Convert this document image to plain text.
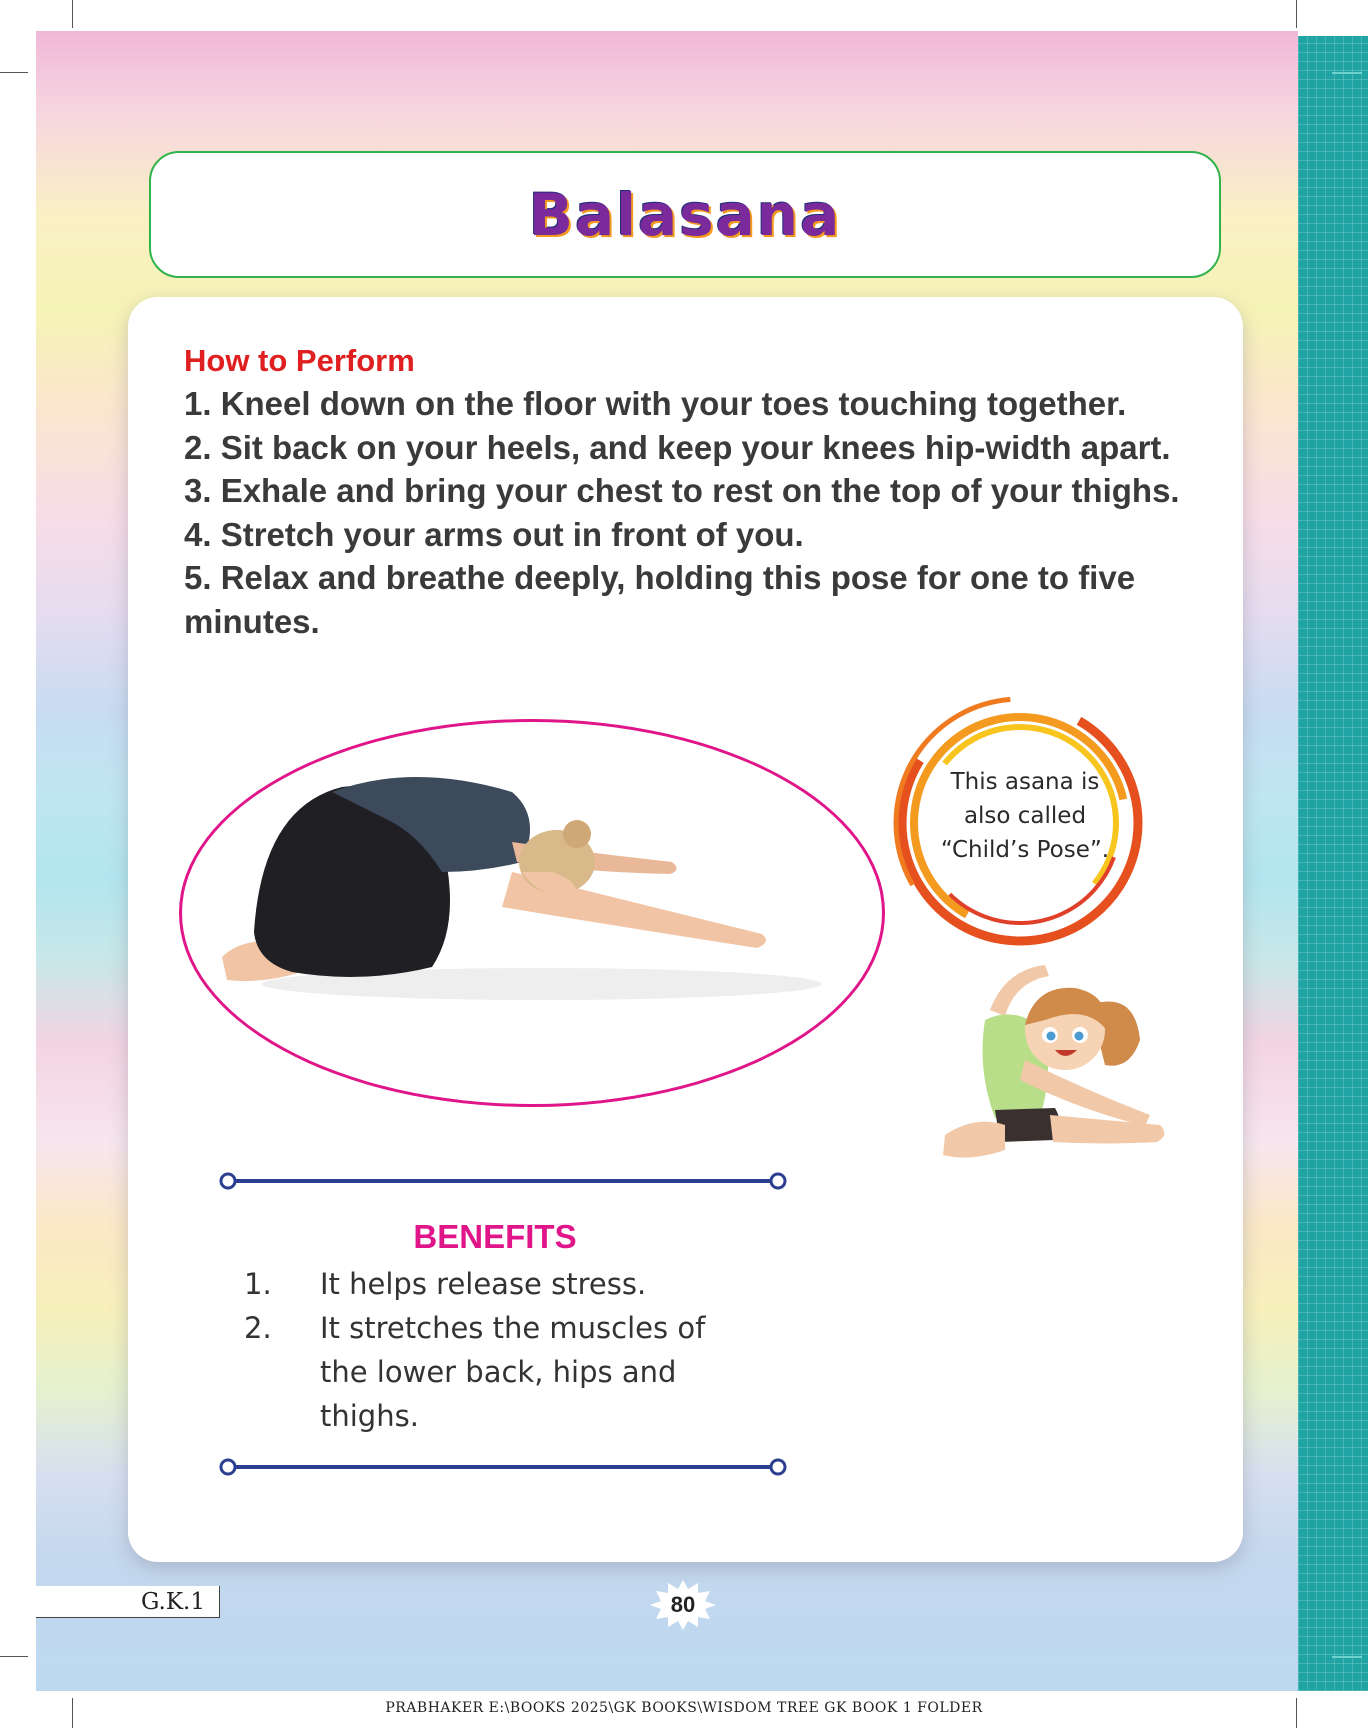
Balasana
How to Perform
1. Kneel down on the floor with your toes touching together.
2. Sit back on your heels, and keep your knees hip-width apart.
3. Exhale and bring your chest to rest on the top of your thighs.
4. Stretch your arms out in front of you.
5. Relax and breathe deeply, holding this pose for one to five minutes.
This asana is
also called
“Child’s Pose”.
BENEFITS
1.	It helps release stress.
2.	It stretches the muscles of the lower back, hips and thighs.
G.K.1	80
PRABHAKER E:\BOOKS 2025\GK BOOKS\WISDOM TREE GK BOOK 1 FOLDER
